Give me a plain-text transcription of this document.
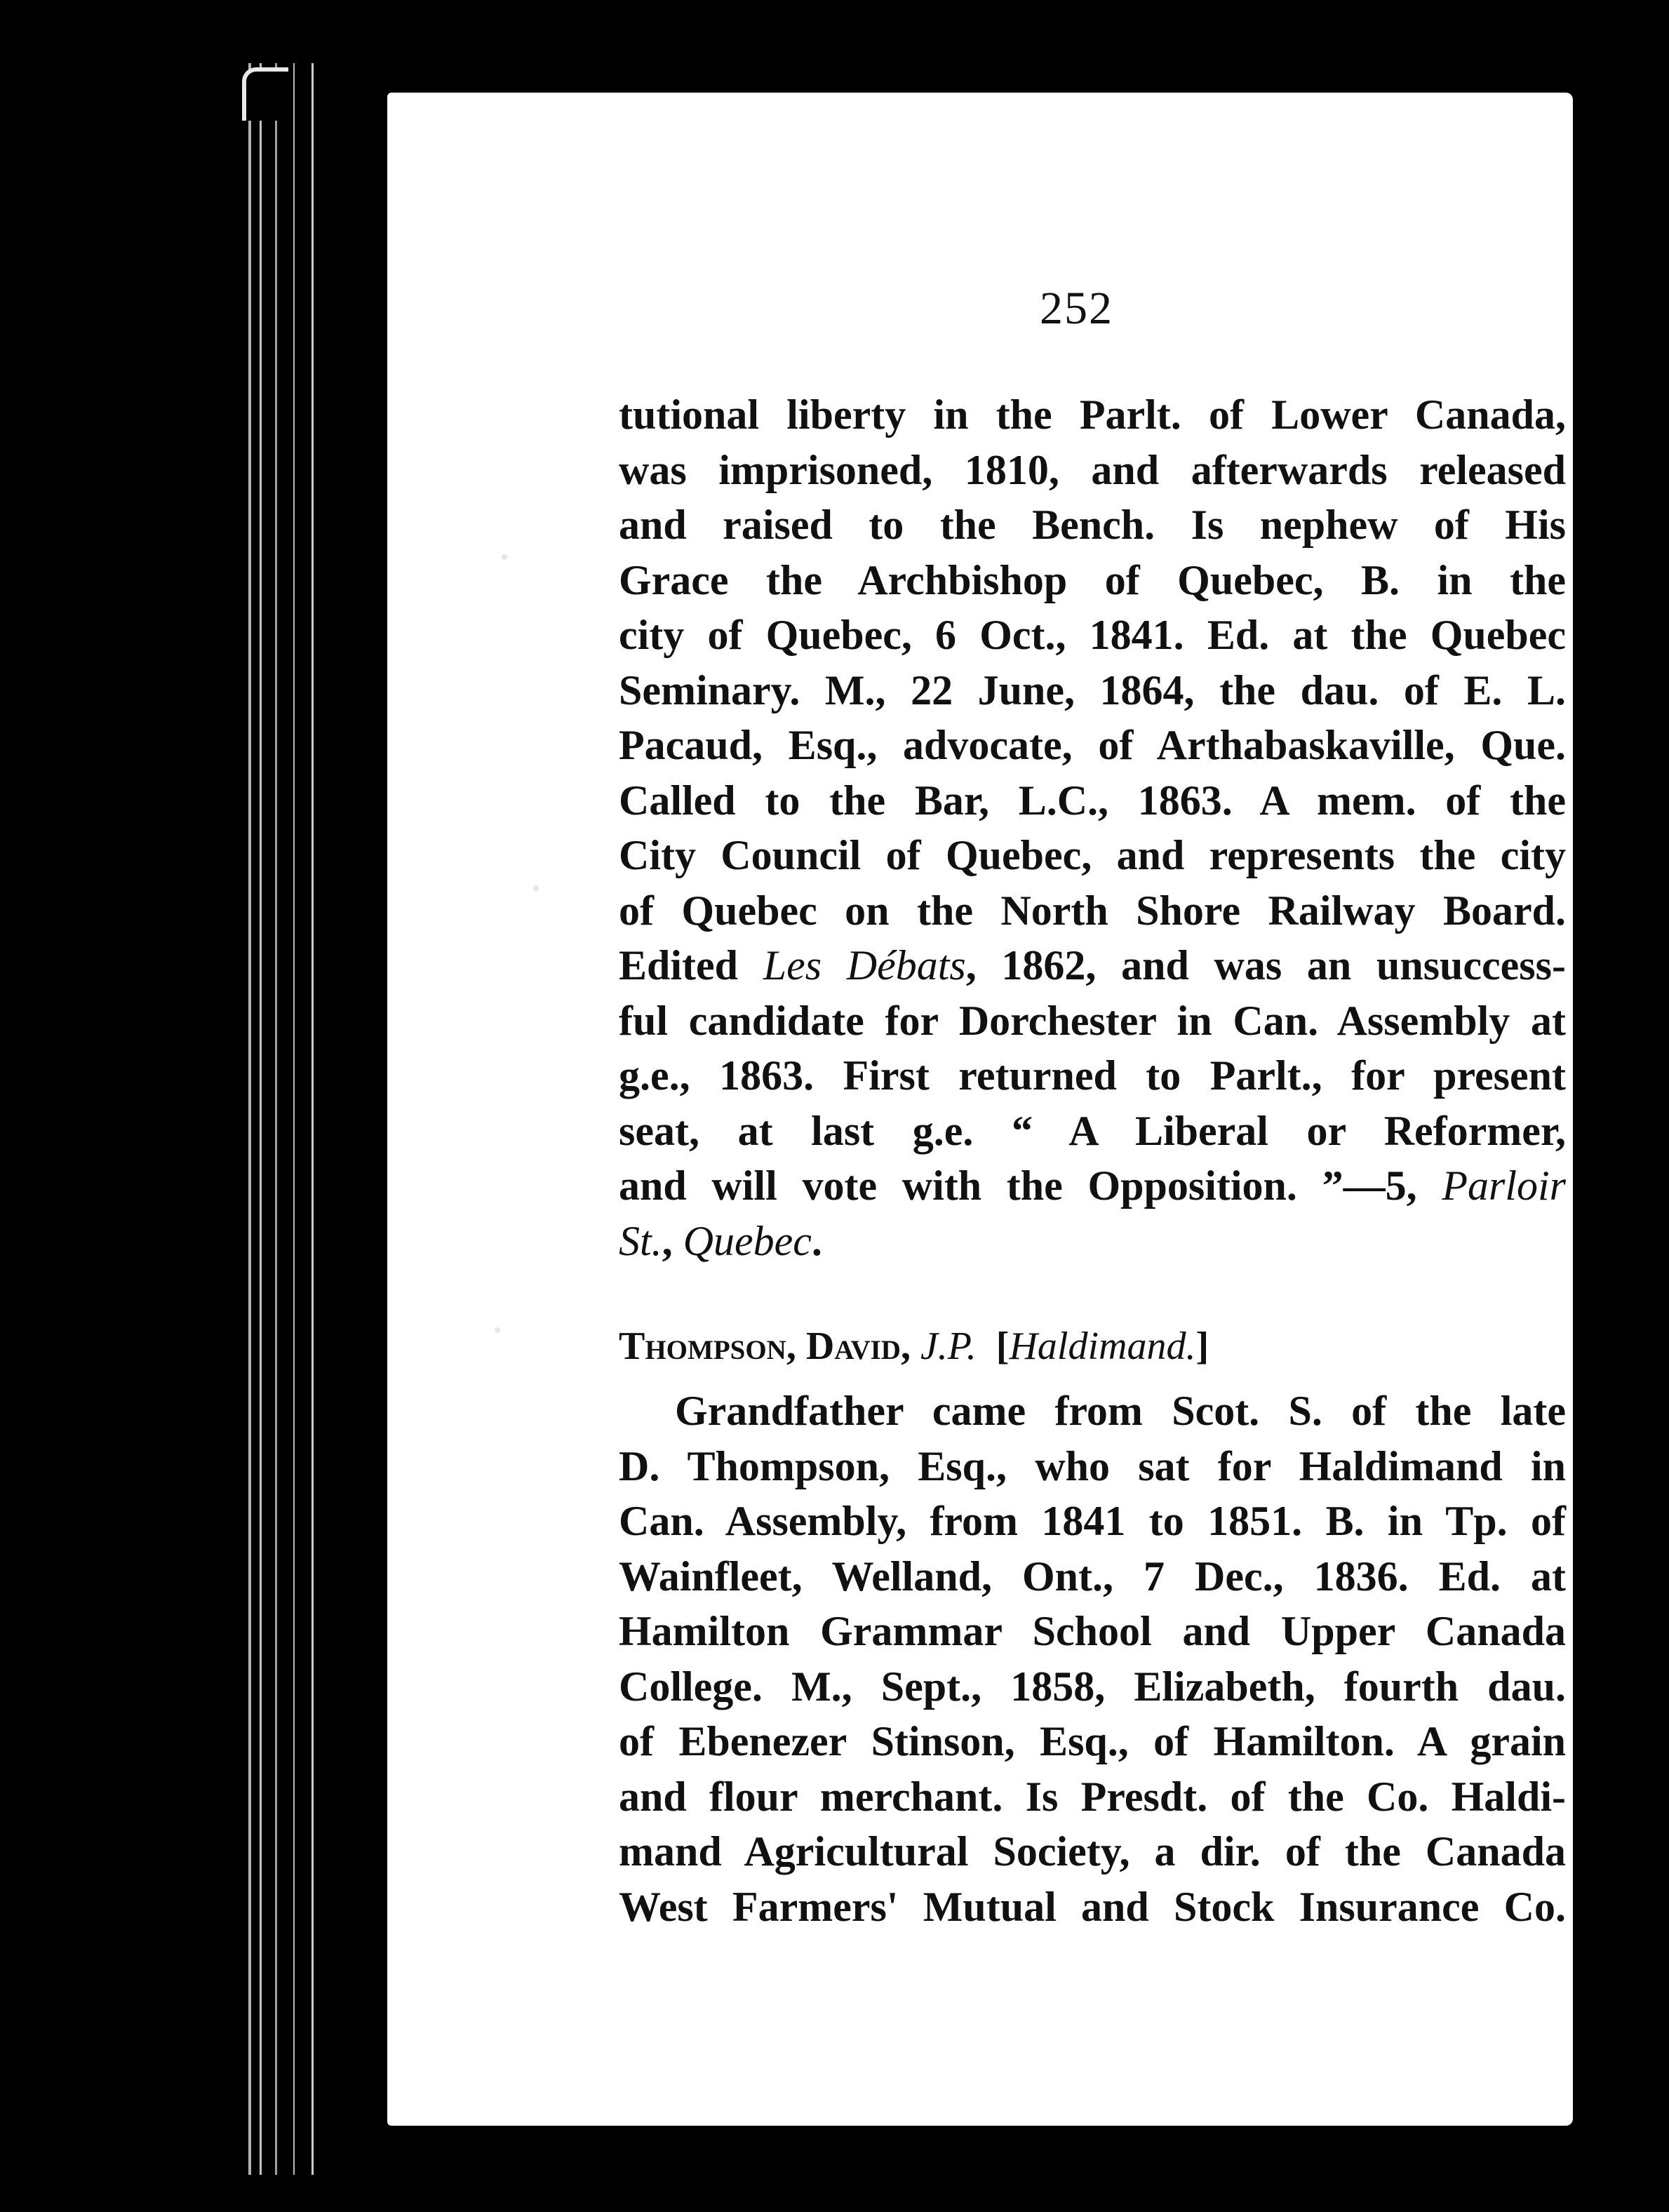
252
tutional liberty in the Parlt. of Lower Canada,
was imprisoned, 1810, and afterwards released
and raised to the Bench. Is nephew of His
Grace the Archbishop of Quebec, B. in the
city of Quebec, 6 Oct., 1841. Ed. at the Quebec
Seminary. M., 22 June, 1864, the dau. of E. L.
Pacaud, Esq., advocate, of Arthabaskaville, Que.
Called to the Bar, L.C., 1863. A mem. of the
City Council of Quebec, and represents the city
of Quebec on the North Shore Railway Board.
Edited Les Débats, 1862, and was an unsuccess-
ful candidate for Dorchester in Can. Assembly at
g.e., 1863. First returned to Parlt., for present
seat, at last g.e. “ A Liberal or Reformer,
and will vote with the Opposition. ”—5, Parloir
St., Quebec.
Thompson, David, J.P.  [Haldimand.]
Grandfather came from Scot. S. of the late
D. Thompson, Esq., who sat for Haldimand in
Can. Assembly, from 1841 to 1851. B. in Tp. of
Wainfleet, Welland, Ont., 7 Dec., 1836. Ed. at
Hamilton Grammar School and Upper Canada
College. M., Sept., 1858, Elizabeth, fourth dau.
of Ebenezer Stinson, Esq., of Hamilton. A grain
and flour merchant. Is Presdt. of the Co. Haldi-
mand Agricultural Society, a dir. of the Canada
West Farmers' Mutual and Stock Insurance Co.
